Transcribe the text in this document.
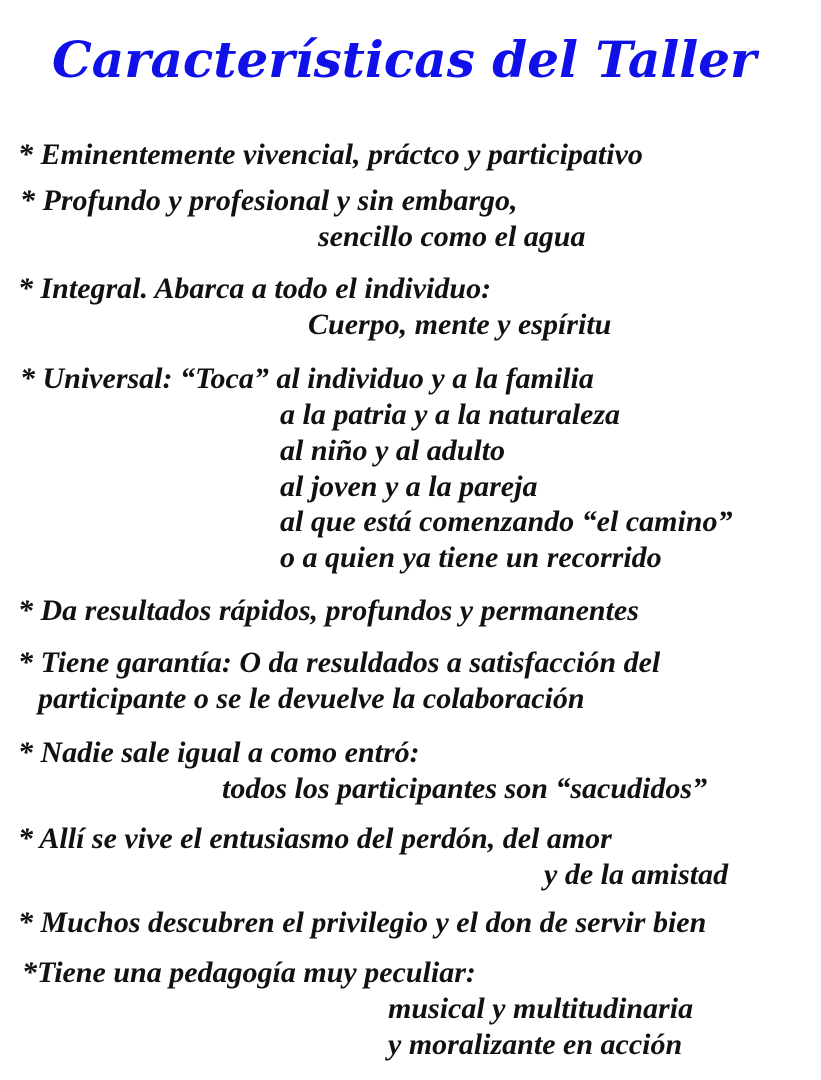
Características del Taller
* Eminentemente vivencial, práctco y participativo
* Profundo y profesional y sin embargo,
sencillo como el agua
* Integral. Abarca a todo el individuo:
Cuerpo, mente y espíritu
* Universal: “Toca” al individuo y a la familia
a la patria y a la naturaleza
al niño y al adulto
al joven y a la pareja
al que está comenzando “el camino”
o a quien ya tiene un recorrido
* Da resultados rápidos, profundos y permanentes
* Tiene garantía: O da resuldados a satisfacción del
participante o se le devuelve la colaboración
* Nadie sale igual a como entró:
todos los participantes son “sacudidos”
* Allí se vive el entusiasmo del perdón, del amor
y de la amistad
* Muchos descubren el privilegio y el don de servir bien
*Tiene una pedagogía muy peculiar:
musical y multitudinaria
y moralizante en acción
